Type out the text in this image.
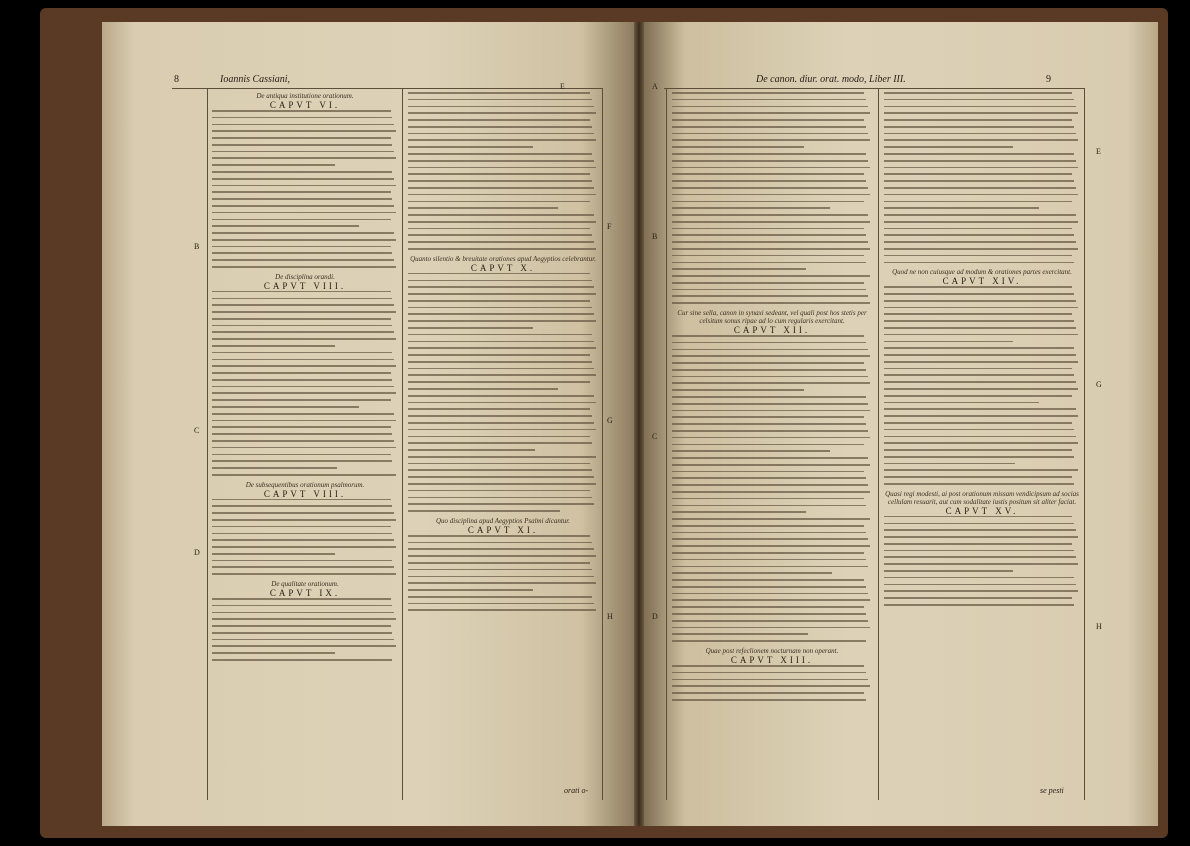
Ioannis Cassiani,
8
E
B
C
D
F
G
H
De antiqua institutione orationum.
CAPVT VI.
De disciplina orandi.
CAPVT VIII.
De subsequentibus orationum psalmorum.
CAPVT VIII.
De qualitate orationum.
CAPVT IX.
Quanto silentio & breuitate orationes apud Aegyptios celebrantur.
CAPVT X.
Quo disciplina apud Aegyptios Psalmi dicantur.
CAPVT XI.
orati o-
De canon. diur. orat. modo, Liber III.	9
A
B
C
D
E
G
H
Cur sine sella, canon in synaxi sedeant, vel quali post hos stetis per celsitum sonus ripae ad lo cum regularis exercitant.
CAPVT XII.
Quae post refeclionem nocturnam non operant.
CAPVT XIII.
Quod ne non cuiusque ad modum & orationes partes exercitant.
CAPVT XIV.
Quasi regi modesti, ai post orationum missam vendicipsum ad socias cellulam resuarit, aut cum sodalitate iustis positum sit aliter faciat.
CAPVT XV.
se pesti
